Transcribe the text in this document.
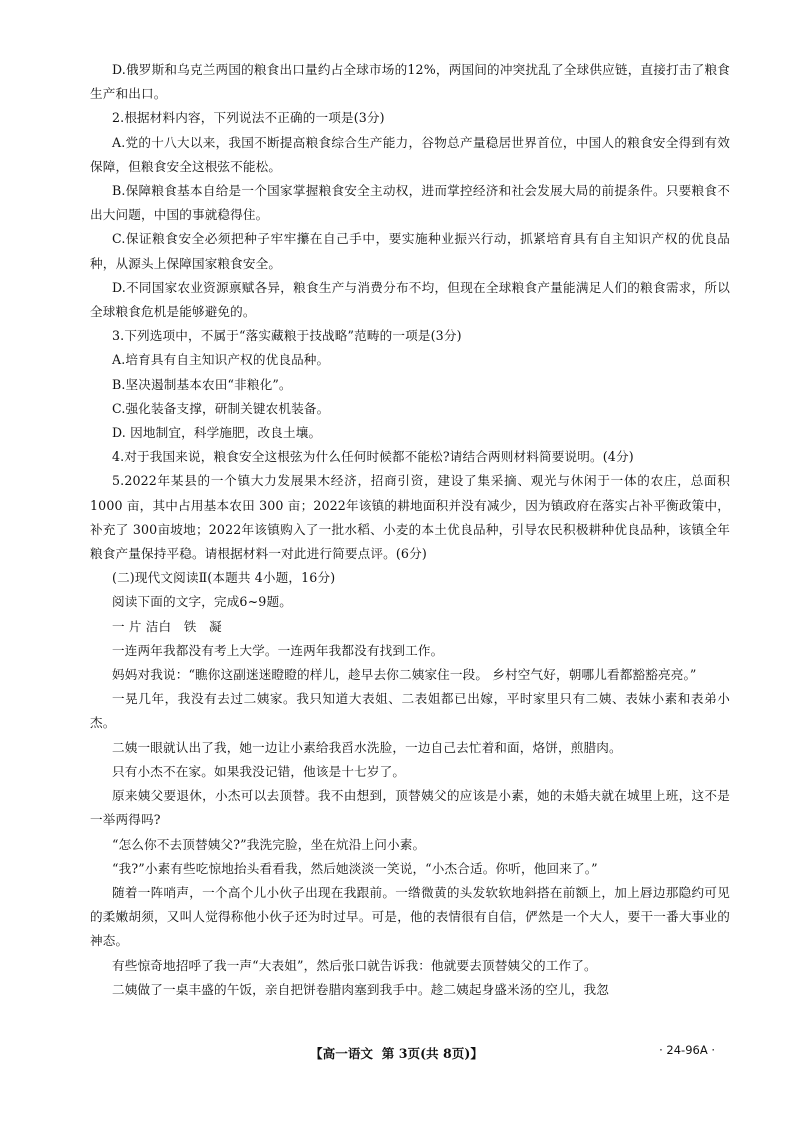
D.俄罗斯和乌克兰两国的粮食出口量约占全球市场的12%，两国间的冲突扰乱了全球供应链，直接打击了粮食生产和出口。

2.根据材料内容，下列说法不正确的一项是(3分)

A.党的十八大以来，我国不断提高粮食综合生产能力，谷物总产量稳居世界首位，中国人的粮食安全得到有效保障，但粮食安全这根弦不能松。

B.保障粮食基本自给是一个国家掌握粮食安全主动权，进而掌控经济和社会发展大局的前提条件。只要粮食不出大问题，中国的事就稳得住。

C.保证粮食安全必须把种子牢牢攥在自己手中，要实施种业振兴行动，抓紧培育具有自主知识产权的优良品种，从源头上保障国家粮食安全。

D.不同国家农业资源禀赋各异，粮食生产与消费分布不均，但现在全球粮食产量能满足人们的粮食需求，所以全球粮食危机是能够避免的。

3.下列选项中，不属于“落实藏粮于技战略”范畴的一项是(3分)

A.培育具有自主知识产权的优良品种。

B.坚决遏制基本农田“非粮化”。

C.强化装备支撑，研制关键农机装备。

D. 因地制宜，科学施肥，改良土壤。

4.对于我国来说，粮食安全这根弦为什么任何时候都不能松?请结合两则材料简要说明。(4分)

5.2022年某县的一个镇大力发展果木经济，招商引资，建设了集采摘、观光与休闲于一体的农庄，总面积 1000 亩，其中占用基本农田 300 亩；2022年该镇的耕地面积并没有减少，因为镇政府在落实占补平衡政策中，补充了 300亩坡地；2022年该镇购入了一批水稻、小麦的本土优良品种，引导农民积极耕种优良品种，该镇全年粮食产量保持平稳。请根据材料一对此进行简要点评。(6分)

(二)现代文阅读Ⅱ(本题共 4小题，16分)

阅读下面的文字，完成6~9题。

一 片 洁白   铁   凝

一连两年我都没有考上大学。一连两年我都没有找到工作。

妈妈对我说：“瞧你这副迷迷瞪瞪的样儿，趁早去你二姨家住一段。 乡村空气好，朝哪儿看都豁豁亮亮。”

一晃几年，我没有去过二姨家。我只知道大表姐、二表姐都已出嫁，平时家里只有二姨、表妹小素和表弟小杰。

二姨一眼就认出了我，她一边让小素给我舀水洗脸，一边自己去忙着和面，烙饼，煎腊肉。

只有小杰不在家。如果我没记错，他该是十七岁了。

原来姨父要退休，小杰可以去顶替。我不由想到，顶替姨父的应该是小素，她的未婚夫就在城里上班，这不是一举两得吗?

“怎么你不去顶替姨父?”我洗完脸，坐在炕沿上问小素。

“我?”小素有些吃惊地抬头看看我，然后她淡淡一笑说，“小杰合适。你听，他回来了。”

随着一阵哨声，一个高个儿小伙子出现在我跟前。一绺微黄的头发软软地斜搭在前额上，加上唇边那隐约可见的柔嫩胡须，又叫人觉得称他小伙子还为时过早。可是，他的表情很有自信，俨然是一个大人，要干一番大事业的神态。

有些惊奇地招呼了我一声“大表姐”，然后张口就告诉我：他就要去顶替姨父的工作了。

二姨做了一桌丰盛的午饭，亲自把饼卷腊肉塞到我手中。趁二姨起身盛米汤的空儿，我忽

【高一语文  第 3页(共 8页)】	· 24-96A ·
